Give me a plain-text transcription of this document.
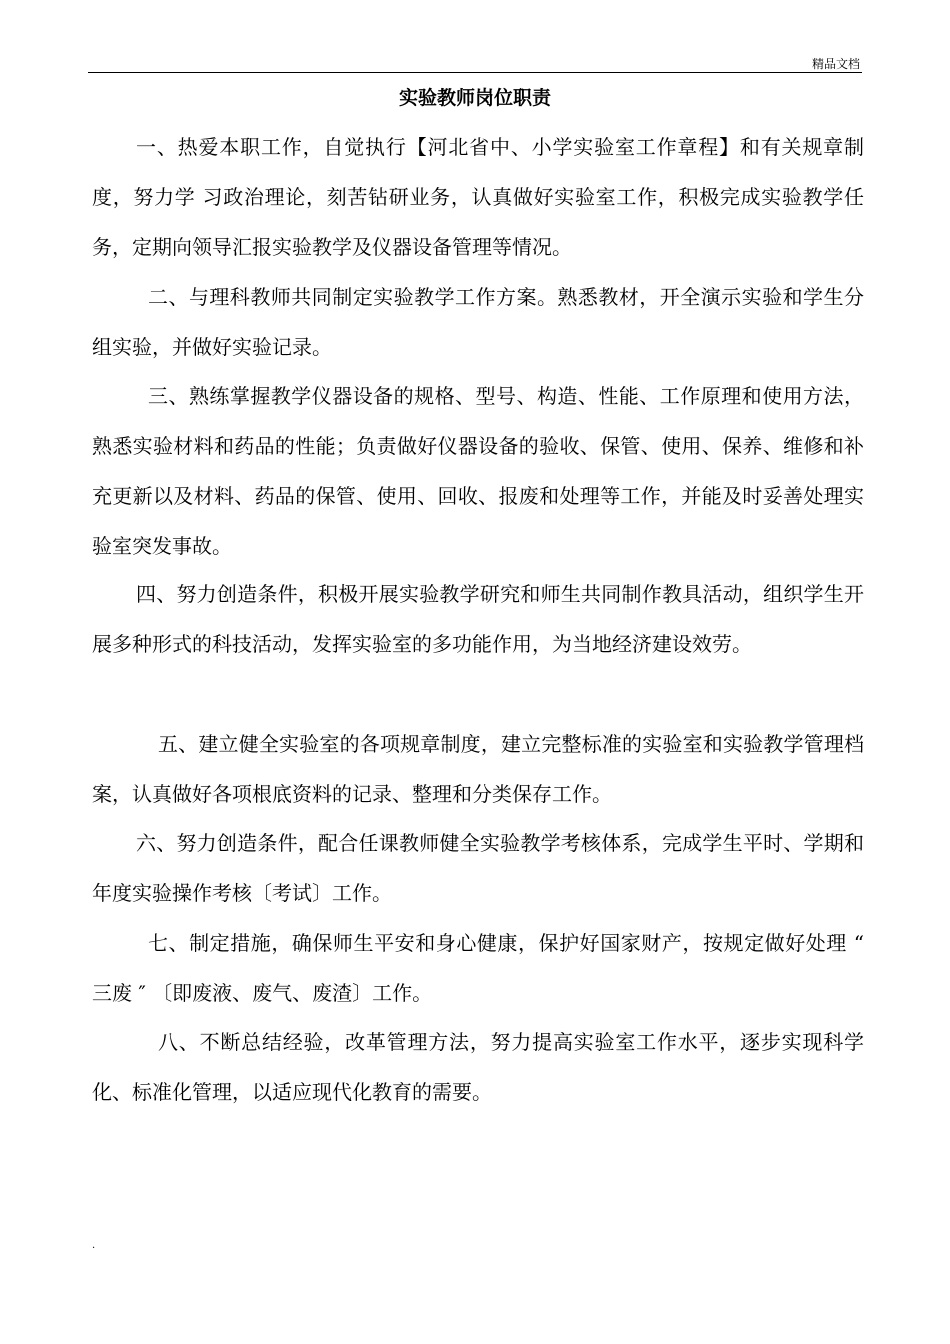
精品文档
实验教师岗位职责

一、热爱本职工作，自觉执行【河北省中、小学实验室工作章程】和有关规章制度，努力学 习政治理论，刻苦钻研业务，认真做好实验室工作，积极完成实验教学任务，定期向领导汇报实验教学及仪器设备管理等情况。

二、与理科教师共同制定实验教学工作方案。熟悉教材，开全演示实验和学生分组实验，并做好实验记录。

三、熟练掌握教学仪器设备的规格、型号、构造、性能、工作原理和使用方法，熟悉实验材料和药品的性能；负责做好仪器设备的验收、保管、使用、保养、维修和补充更新以及材料、药品的保管、使用、回收、报废和处理等工作，并能及时妥善处理实验室突发事故。

四、努力创造条件，积极开展实验教学研究和师生共同制作教具活动，组织学生开展多种形式的科技活动，发挥实验室的多功能作用，为当地经济建设效劳。

五、建立健全实验室的各项规章制度，建立完整标准的实验室和实验教学管理档案，认真做好各项根底资料的记录、整理和分类保存工作。

六、努力创造条件，配合任课教师健全实验教学考核体系，完成学生平时、学期和年度实验操作考核〔考试〕工作。

七、制定措施，确保师生平安和身心健康，保护好国家财产，按规定做好处理 “ 三废 ″ 〔即废液、废气、废渣〕工作。

八、不断总结经验，改革管理方法，努力提高实验室工作水平，逐步实现科学化、标准化管理，以适应现代化教育的需要。

.
